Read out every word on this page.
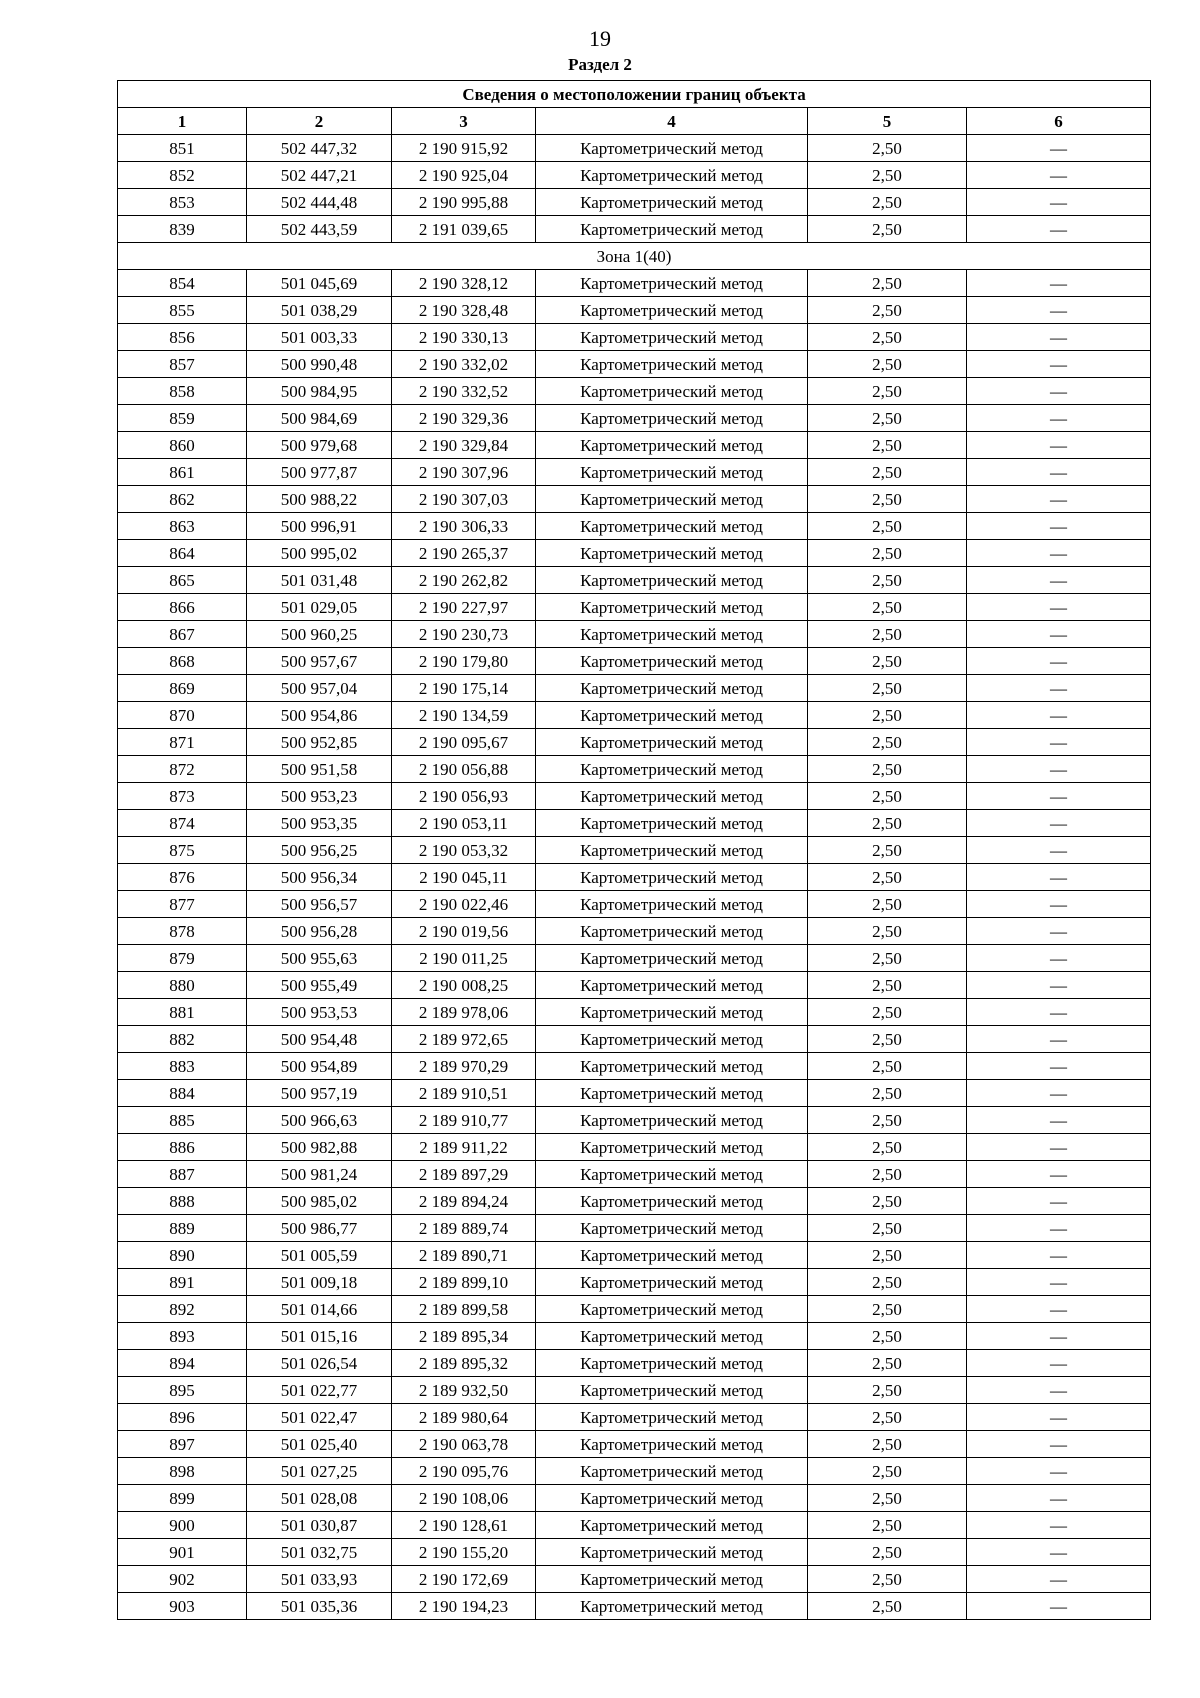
19
Раздел 2
Сведения о местоположении границ объекта					
1	2	3	4	5	6
851	502 447,32	2 190 915,92	Картометрический метод	2,50	—
852	502 447,21	2 190 925,04	Картометрический метод	2,50	—
853	502 444,48	2 190 995,88	Картометрический метод	2,50	—
839	502 443,59	2 191 039,65	Картометрический метод	2,50	—
Зона 1(40)					
854	501 045,69	2 190 328,12	Картометрический метод	2,50	—
855	501 038,29	2 190 328,48	Картометрический метод	2,50	—
856	501 003,33	2 190 330,13	Картометрический метод	2,50	—
857	500 990,48	2 190 332,02	Картометрический метод	2,50	—
858	500 984,95	2 190 332,52	Картометрический метод	2,50	—
859	500 984,69	2 190 329,36	Картометрический метод	2,50	—
860	500 979,68	2 190 329,84	Картометрический метод	2,50	—
861	500 977,87	2 190 307,96	Картометрический метод	2,50	—
862	500 988,22	2 190 307,03	Картометрический метод	2,50	—
863	500 996,91	2 190 306,33	Картометрический метод	2,50	—
864	500 995,02	2 190 265,37	Картометрический метод	2,50	—
865	501 031,48	2 190 262,82	Картометрический метод	2,50	—
866	501 029,05	2 190 227,97	Картометрический метод	2,50	—
867	500 960,25	2 190 230,73	Картометрический метод	2,50	—
868	500 957,67	2 190 179,80	Картометрический метод	2,50	—
869	500 957,04	2 190 175,14	Картометрический метод	2,50	—
870	500 954,86	2 190 134,59	Картометрический метод	2,50	—
871	500 952,85	2 190 095,67	Картометрический метод	2,50	—
872	500 951,58	2 190 056,88	Картометрический метод	2,50	—
873	500 953,23	2 190 056,93	Картометрический метод	2,50	—
874	500 953,35	2 190 053,11	Картометрический метод	2,50	—
875	500 956,25	2 190 053,32	Картометрический метод	2,50	—
876	500 956,34	2 190 045,11	Картометрический метод	2,50	—
877	500 956,57	2 190 022,46	Картометрический метод	2,50	—
878	500 956,28	2 190 019,56	Картометрический метод	2,50	—
879	500 955,63	2 190 011,25	Картометрический метод	2,50	—
880	500 955,49	2 190 008,25	Картометрический метод	2,50	—
881	500 953,53	2 189 978,06	Картометрический метод	2,50	—
882	500 954,48	2 189 972,65	Картометрический метод	2,50	—
883	500 954,89	2 189 970,29	Картометрический метод	2,50	—
884	500 957,19	2 189 910,51	Картометрический метод	2,50	—
885	500 966,63	2 189 910,77	Картометрический метод	2,50	—
886	500 982,88	2 189 911,22	Картометрический метод	2,50	—
887	500 981,24	2 189 897,29	Картометрический метод	2,50	—
888	500 985,02	2 189 894,24	Картометрический метод	2,50	—
889	500 986,77	2 189 889,74	Картометрический метод	2,50	—
890	501 005,59	2 189 890,71	Картометрический метод	2,50	—
891	501 009,18	2 189 899,10	Картометрический метод	2,50	—
892	501 014,66	2 189 899,58	Картометрический метод	2,50	—
893	501 015,16	2 189 895,34	Картометрический метод	2,50	—
894	501 026,54	2 189 895,32	Картометрический метод	2,50	—
895	501 022,77	2 189 932,50	Картометрический метод	2,50	—
896	501 022,47	2 189 980,64	Картометрический метод	2,50	—
897	501 025,40	2 190 063,78	Картометрический метод	2,50	—
898	501 027,25	2 190 095,76	Картометрический метод	2,50	—
899	501 028,08	2 190 108,06	Картометрический метод	2,50	—
900	501 030,87	2 190 128,61	Картометрический метод	2,50	—
901	501 032,75	2 190 155,20	Картометрический метод	2,50	—
902	501 033,93	2 190 172,69	Картометрический метод	2,50	—
903	501 035,36	2 190 194,23	Картометрический метод	2,50	—
